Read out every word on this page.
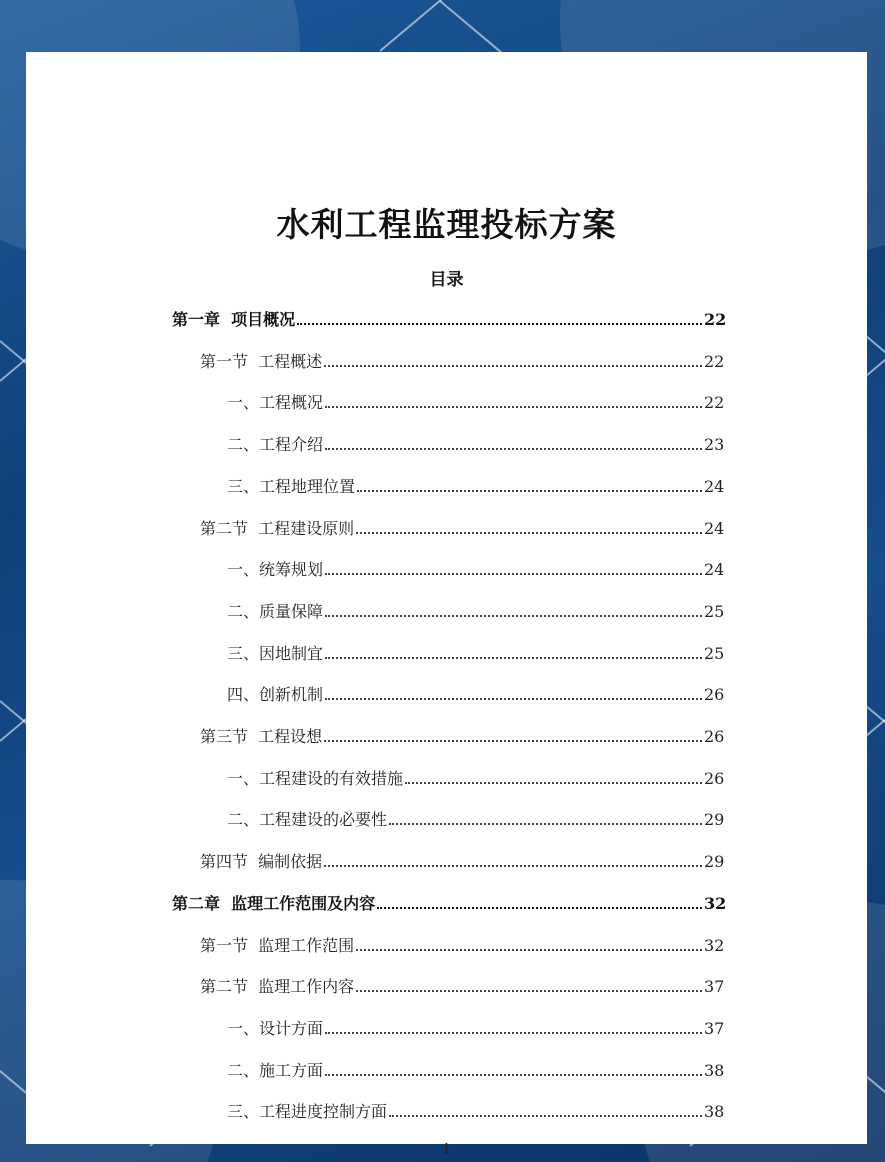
水利工程监理投标方案
目录
第一章  项目概况	22
第一节  工程概述	22
一、工程概况	22
二、工程介绍	23
三、工程地理位置	24
第二节  工程建设原则	24
一、统筹规划	24
二、质量保障	25
三、因地制宜	25
四、创新机制	26
第三节  工程设想	26
一、工程建设的有效措施	26
二、工程建设的必要性	29
第四节  编制依据	29
第二章  监理工作范围及内容	32
第一节  监理工作范围	32
第二节  监理工作内容	37
一、设计方面	37
二、施工方面	38
三、工程进度控制方面	38
1
